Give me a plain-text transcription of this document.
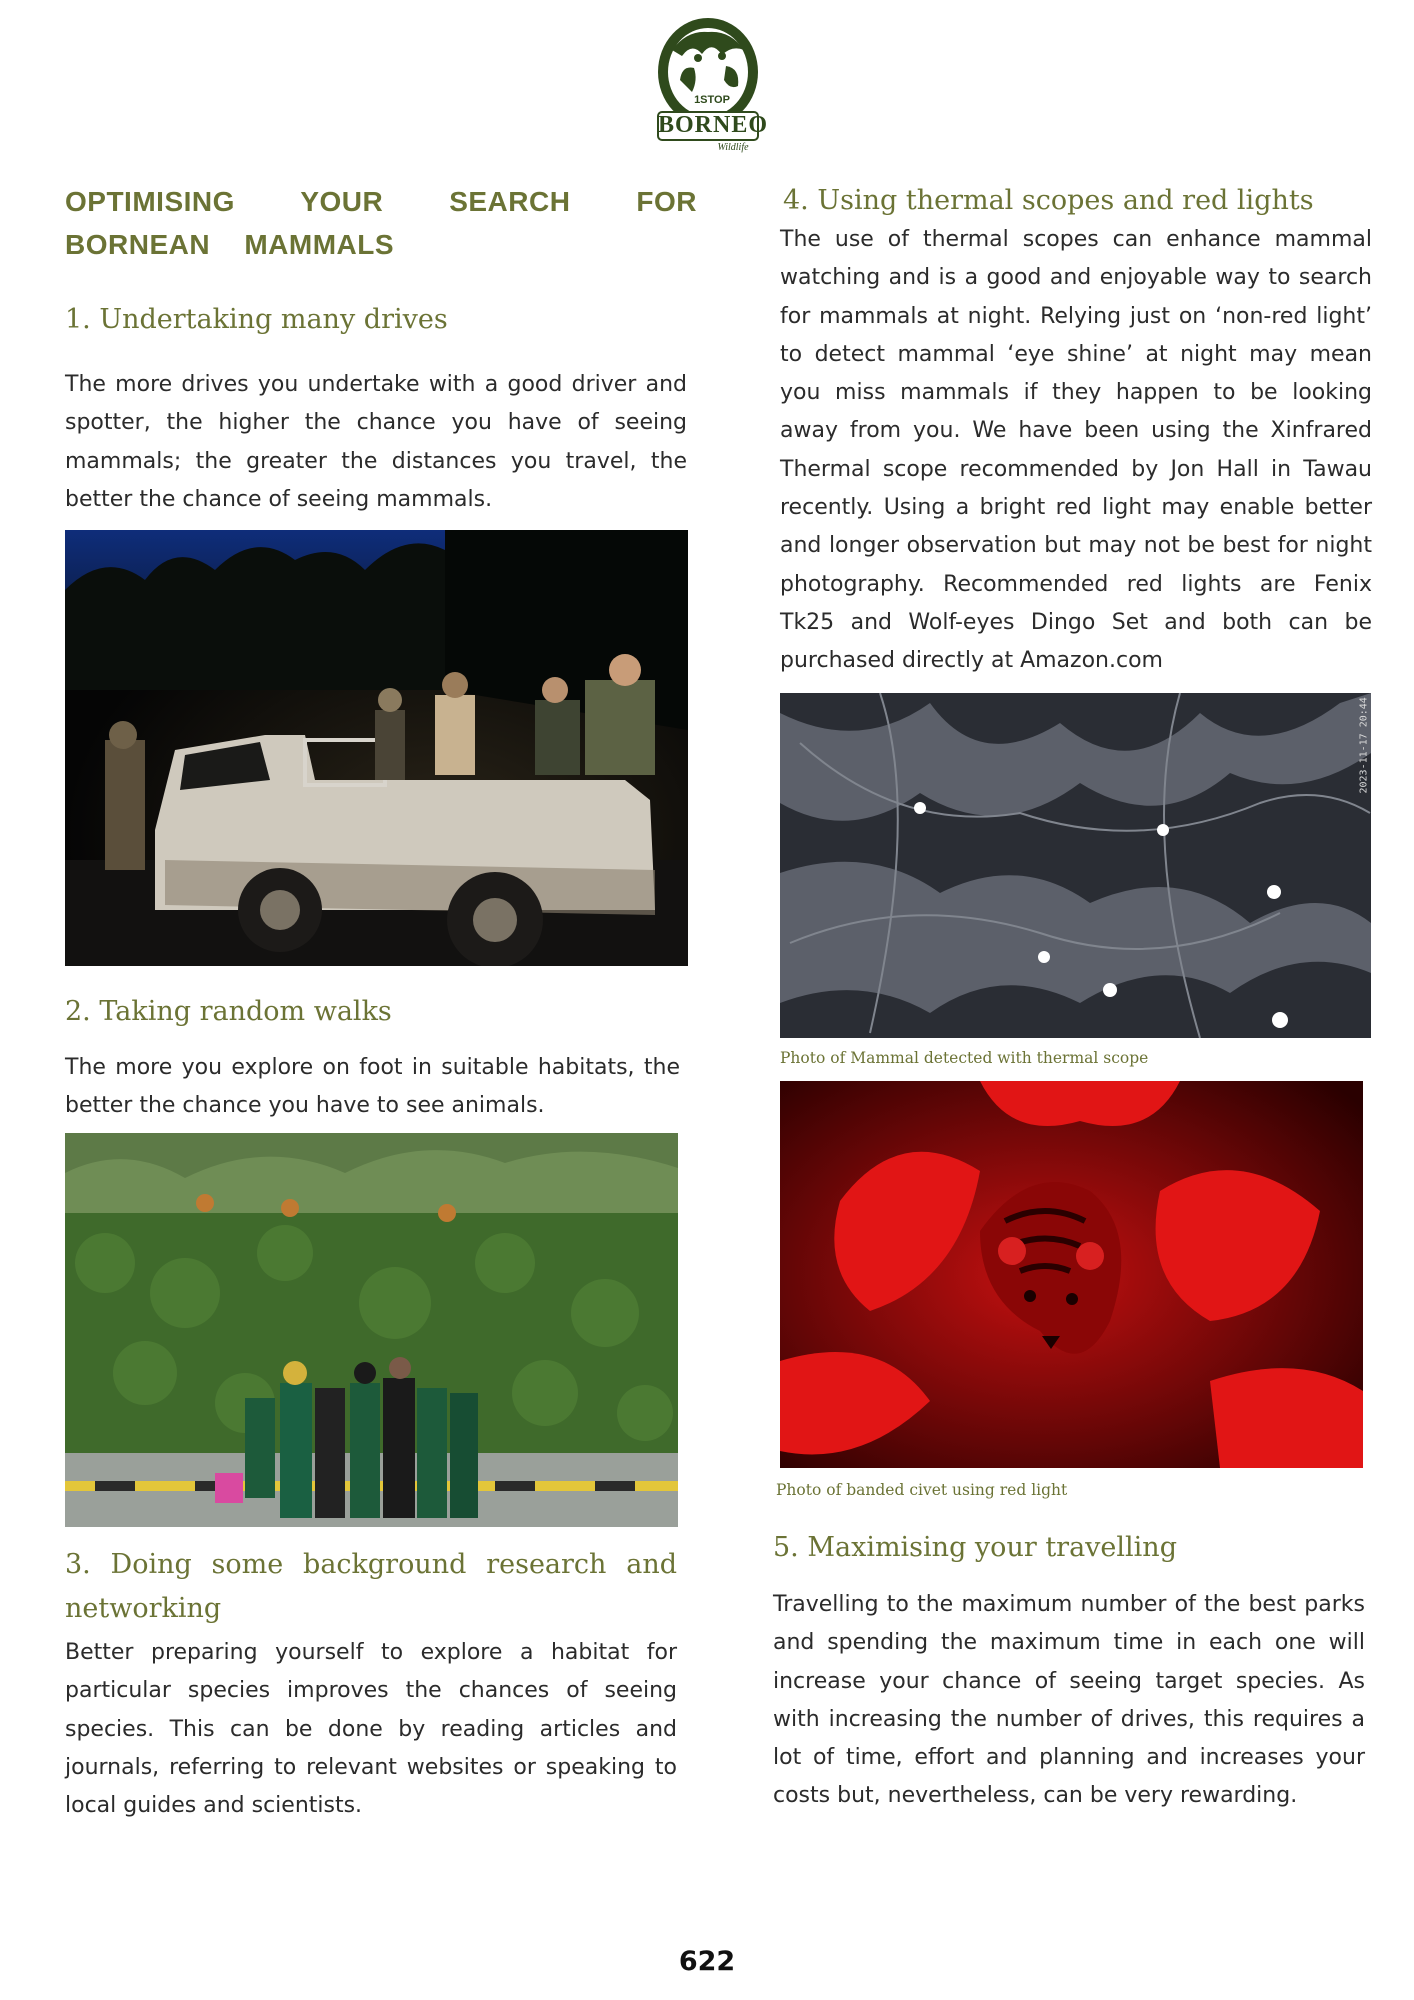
1STOP
BORNEO
Wildlife
OPTIMISING YOUR SEARCH FOR BORNEAN MAMMALS
1. Undertaking many drives

The more drives you undertake with a good driver and spotter, the higher the chance you have of seeing mammals; the greater the distances you travel, the better the chance of seeing mammals.

2. Taking random walks

The more you explore on foot in suitable habitats, the better the chance you have to see animals.

3. Doing some background research and networking

Better preparing yourself to explore a habitat for particular species improves the chances of seeing species. This can be done by reading articles and journals, referring to relevant websites or speaking to local guides and scientists.

4. Using thermal scopes and red lights

The use of thermal scopes can enhance mammal watching and is a good and enjoyable way to search for mammals at night. Relying just on ‘non-red light’ to detect mammal ‘eye shine’ at night may mean you miss mammals if they happen to be looking away from you. We have been using the Xinfrared Thermal scope recommended by Jon Hall in Tawau recently. Using a bright red light may enable better and longer observation but may not be best for night photography. Recommended red lights are Fenix Tk25 and Wolf-eyes Dingo Set and both can be purchased directly at Amazon.com

2023-11-17 20:44

Photo of Mammal detected with thermal scope

Photo of banded civet using red light

5. Maximising your travelling

Travelling to the maximum number of the best parks and spending the maximum time in each one will increase your chance of seeing target species. As with increasing the number of drives, this requires a lot of time, effort and planning and increases your costs but, nevertheless, can be very rewarding.

622
